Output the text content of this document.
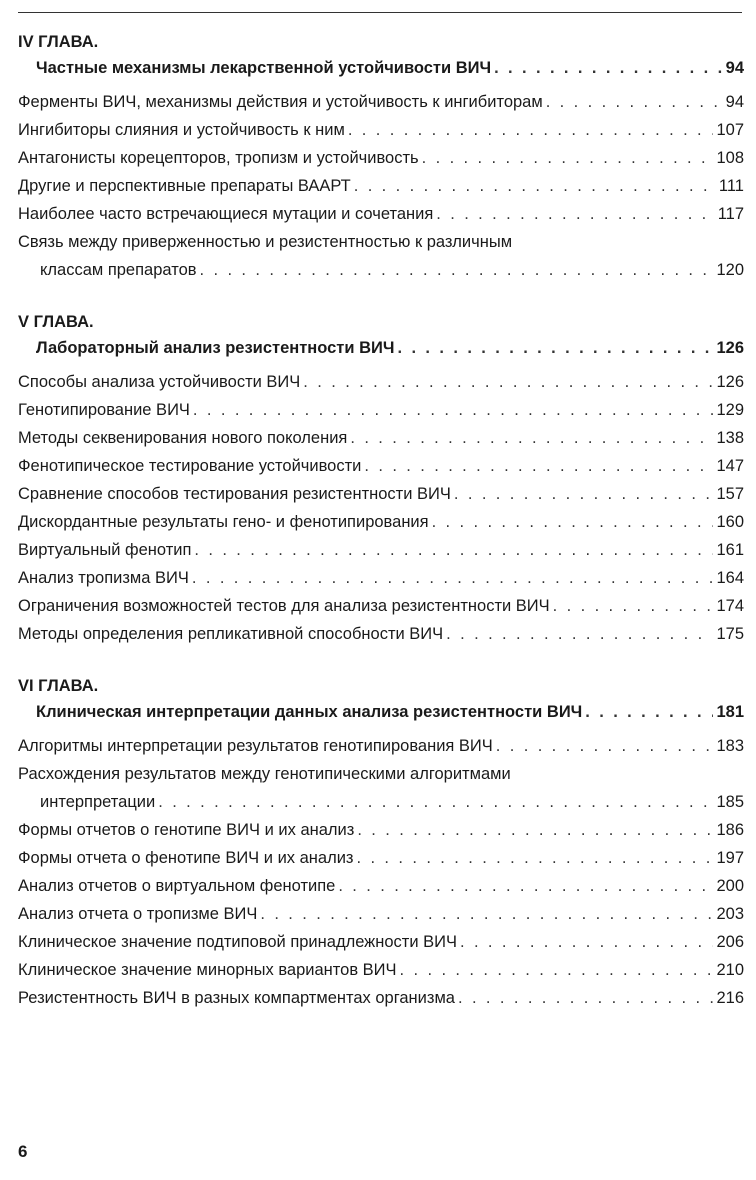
IV ГЛАВА.
Частные механизмы лекарственной устойчивости ВИЧ . . .	94
Ферменты ВИЧ, механизмы действия и устойчивость к ингибиторам . . .	94
Ингибиторы слияния и устойчивость к ним . . .	107
Антагонисты корецепторов, тропизм и устойчивость . . .	108
Другие и перспективные препараты ВААРТ . . .	111
Наиболее часто встречающиеся мутации и сочетания . . .	117
Связь между приверженностью и резистентностью к различным
классам препаратов . . .	120
V ГЛАВА.
Лабораторный анализ резистентности ВИЧ . . .	126
Способы анализа устойчивости ВИЧ . . .	126
Генотипирование ВИЧ . . .	129
Методы секвенирования нового поколения . . .	138
Фенотипическое тестирование устойчивости . . .	147
Сравнение способов тестирования резистентности ВИЧ . . .	157
Дискордантные результаты гено- и фенотипирования . . .	160
Виртуальный фенотип . . .	161
Анализ тропизма ВИЧ . . .	164
Ограничения возможностей тестов для анализа резистентности ВИЧ . . .	174
Методы определения репликативной способности ВИЧ . . .	175
VI ГЛАВА.
Клиническая интерпретации данных анализа резистентности ВИЧ . . .	181
Алгоритмы интерпретации результатов генотипирования ВИЧ . . .	183
Расхождения результатов между генотипическими алгоритмами
интерпретации . . .	185
Формы отчетов о генотипе ВИЧ и их анализ . . .	186
Формы отчета о фенотипе ВИЧ и их анализ . . .	197
Анализ отчетов о виртуальном фенотипе . . .	200
Анализ отчета о тропизме ВИЧ . . .	203
Клиническое значение подтиповой принадлежности ВИЧ . . .	206
Клиническое значение минорных вариантов ВИЧ . . .	210
Резистентность ВИЧ в разных компартментах организма . . .	216
6
